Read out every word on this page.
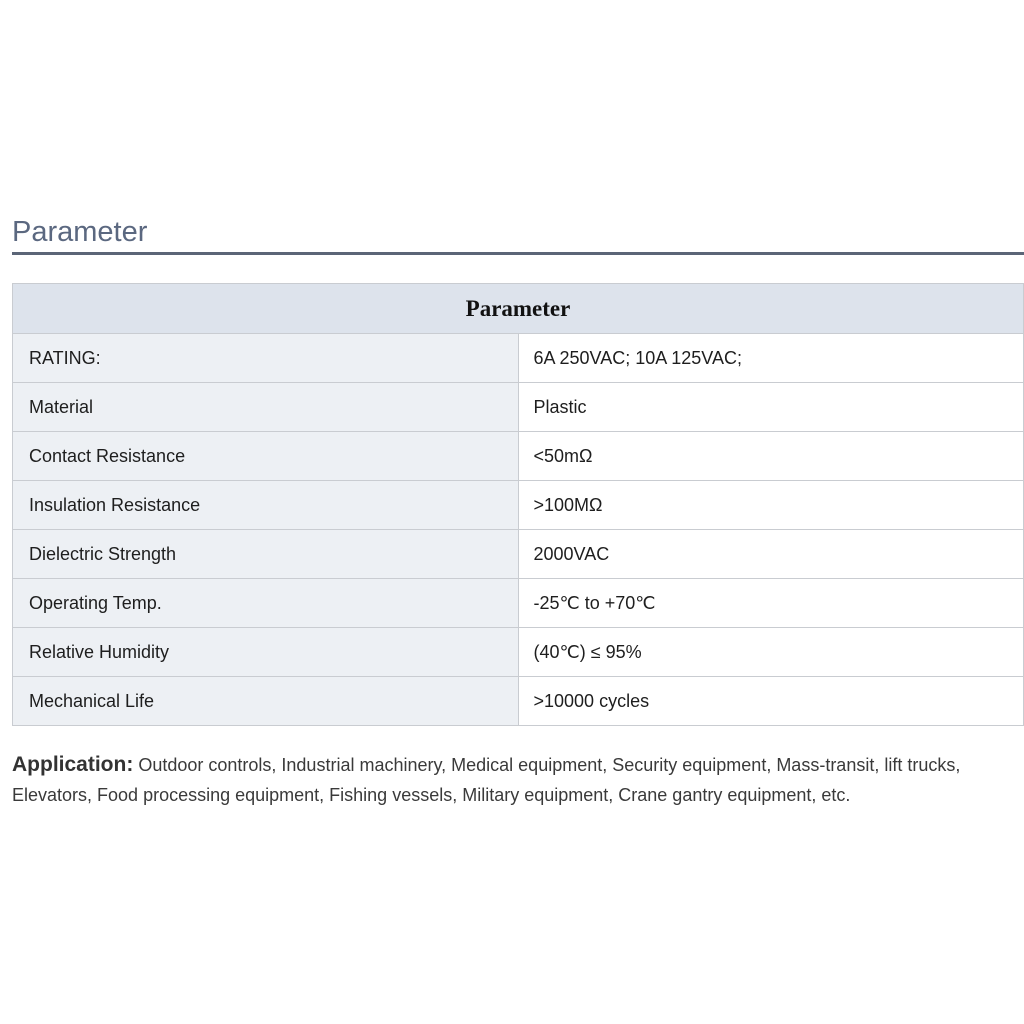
Parameter
Parameter	
RATING:	6A 250VAC; 10A 125VAC;
Material	Plastic
Contact Resistance	<50mΩ
Insulation Resistance	>100MΩ
Dielectric Strength	2000VAC
Operating Temp.	-25℃ to +70℃
Relative Humidity	(40℃) ≤ 95%
Mechanical Life	>10000 cycles

Application: Outdoor controls, Industrial machinery, Medical equipment, Security equipment, Mass-transit, lift trucks, Elevators, Food processing equipment, Fishing vessels, Military equipment, Crane gantry equipment, etc.
